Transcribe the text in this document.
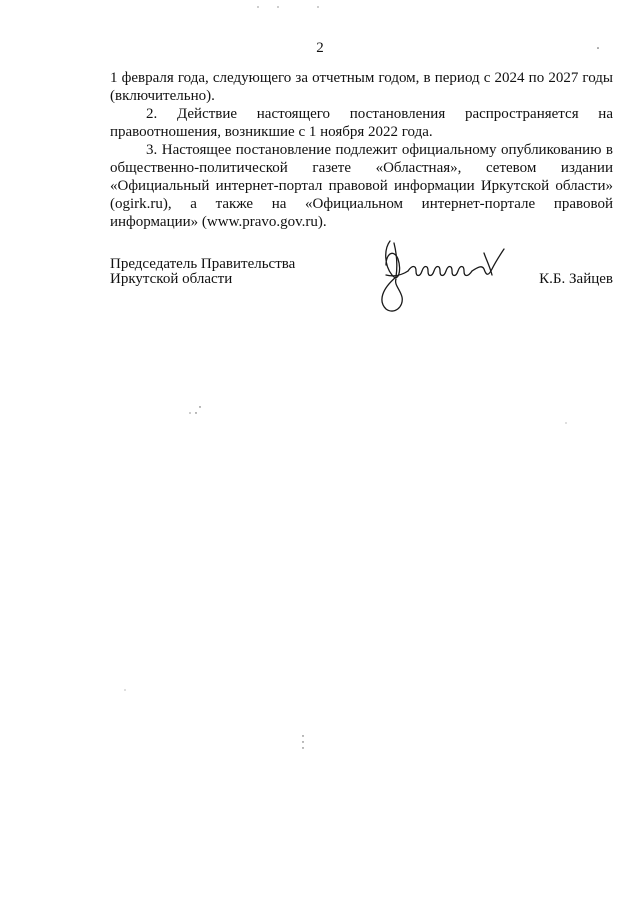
2

1 февраля года, следующего за отчетным годом, в период с 2024 по 2027 годы (включительно).

2. Действие настоящего постановления распространяется на правоотношения, возникшие с 1 ноября 2022 года.

3. Настоящее постановление подлежит официальному опубликованию в общественно-политической газете «Областная», сетевом издании «Официальный интернет-портал правовой информации Иркутской области» (ogirk.ru), а также на «Официальном интернет-портале правовой информации» (www.pravo.gov.ru).

Председатель Правительства
Иркутской области	К.Б. Зайцев
